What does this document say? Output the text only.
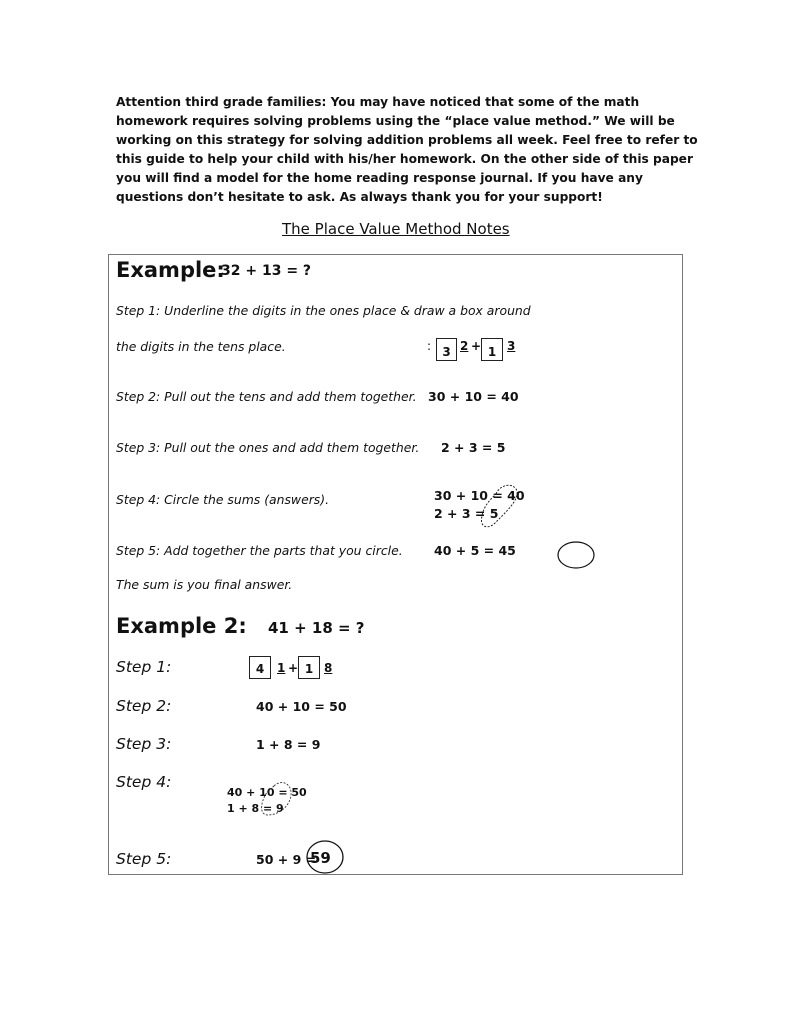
Attention third grade families: You may have noticed that some of the math
homework requires solving problems using the “place value method.” We will be
working on this strategy for solving addition problems all week. Feel free to refer to
this guide to help your child with his/her homework. On the other side of this paper
you will find a model for the home reading response journal. If you have any
questions don’t hesitate to ask. As always thank you for your support!
The Place Value Method Notes
Example:
32 + 13 = ?
Step 1: Underline the digits in the ones place & draw a box around
the digits in the tens place.	: 3 2 + 1 3
Step 2: Pull out the tens and add them together. 30 + 10 = 40
Step 3: Pull out the ones and add them together. 2 + 3 = 5
Step 4: Circle the sums (answers).	30 + 10 = 40
2 + 3 = 5
Step 5: Add together the parts that you circle.	40 + 5 = 45
The sum is you final answer.
Example 2: 41 + 18 = ?
Step 1:	4	1 + 1 8
Step 2:	40 + 10 = 50
Step 3:	1 + 8 = 9
Step 4:
40 + 10 = 50
1 + 8 = 9
Step 5:	50 + 9 =
59
